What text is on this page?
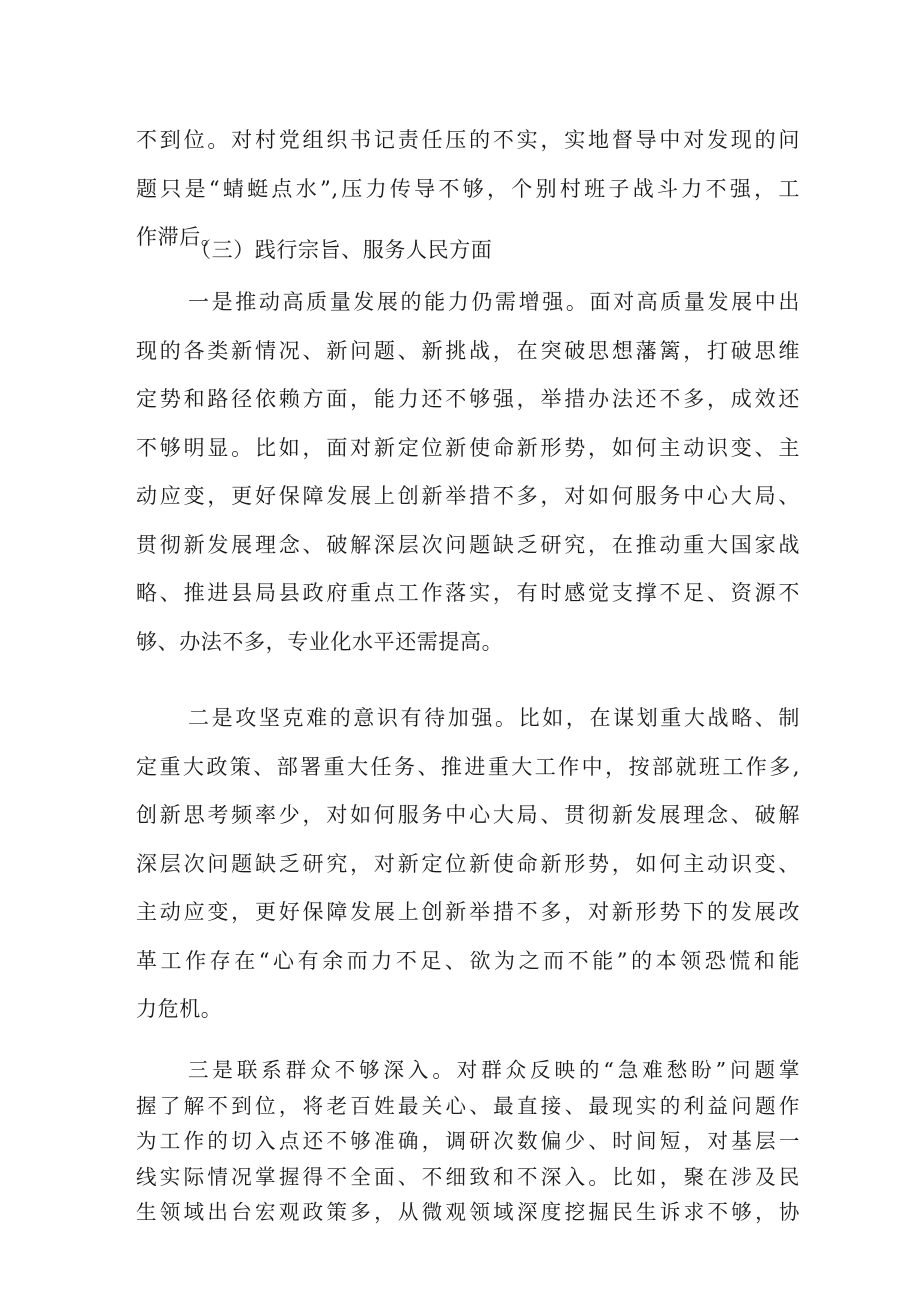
不到位。对村党组织书记责任压的不实，实地督导中对发现的问
题只是“蜻蜓点水”,压力传导不够，个别村班子战斗力不强，工
作滞后。
（三）践行宗旨、服务人民方面
一是推动高质量发展的能力仍需增强。面对高质量发展中出
现的各类新情况、新问题、新挑战，在突破思想藩篱，打破思维
定势和路径依赖方面，能力还不够强，举措办法还不多，成效还
不够明显。比如，面对新定位新使命新形势，如何主动识变、主
动应变，更好保障发展上创新举措不多，对如何服务中心大局、
贯彻新发展理念、破解深层次问题缺乏研究，在推动重大国家战
略、推进县局县政府重点工作落实，有时感觉支撑不足、资源不
够、办法不多，专业化水平还需提高。
二是攻坚克难的意识有待加强。比如，在谋划重大战略、制
定重大政策、部署重大任务、推进重大工作中，按部就班工作多,
创新思考频率少，对如何服务中心大局、贯彻新发展理念、破解
深层次问题缺乏研究，对新定位新使命新形势，如何主动识变、
主动应变，更好保障发展上创新举措不多，对新形势下的发展改
革工作存在“心有余而力不足、欲为之而不能”的本领恐慌和能
力危机。
三是联系群众不够深入。对群众反映的“急难愁盼”问题掌
握了解不到位，将老百姓最关心、最直接、最现实的利益问题作
为工作的切入点还不够准确，调研次数偏少、时间短，对基层一
线实际情况掌握得不全面、不细致和不深入。比如，聚在涉及民
生领域出台宏观政策多，从微观领域深度挖掘民生诉求不够，协
